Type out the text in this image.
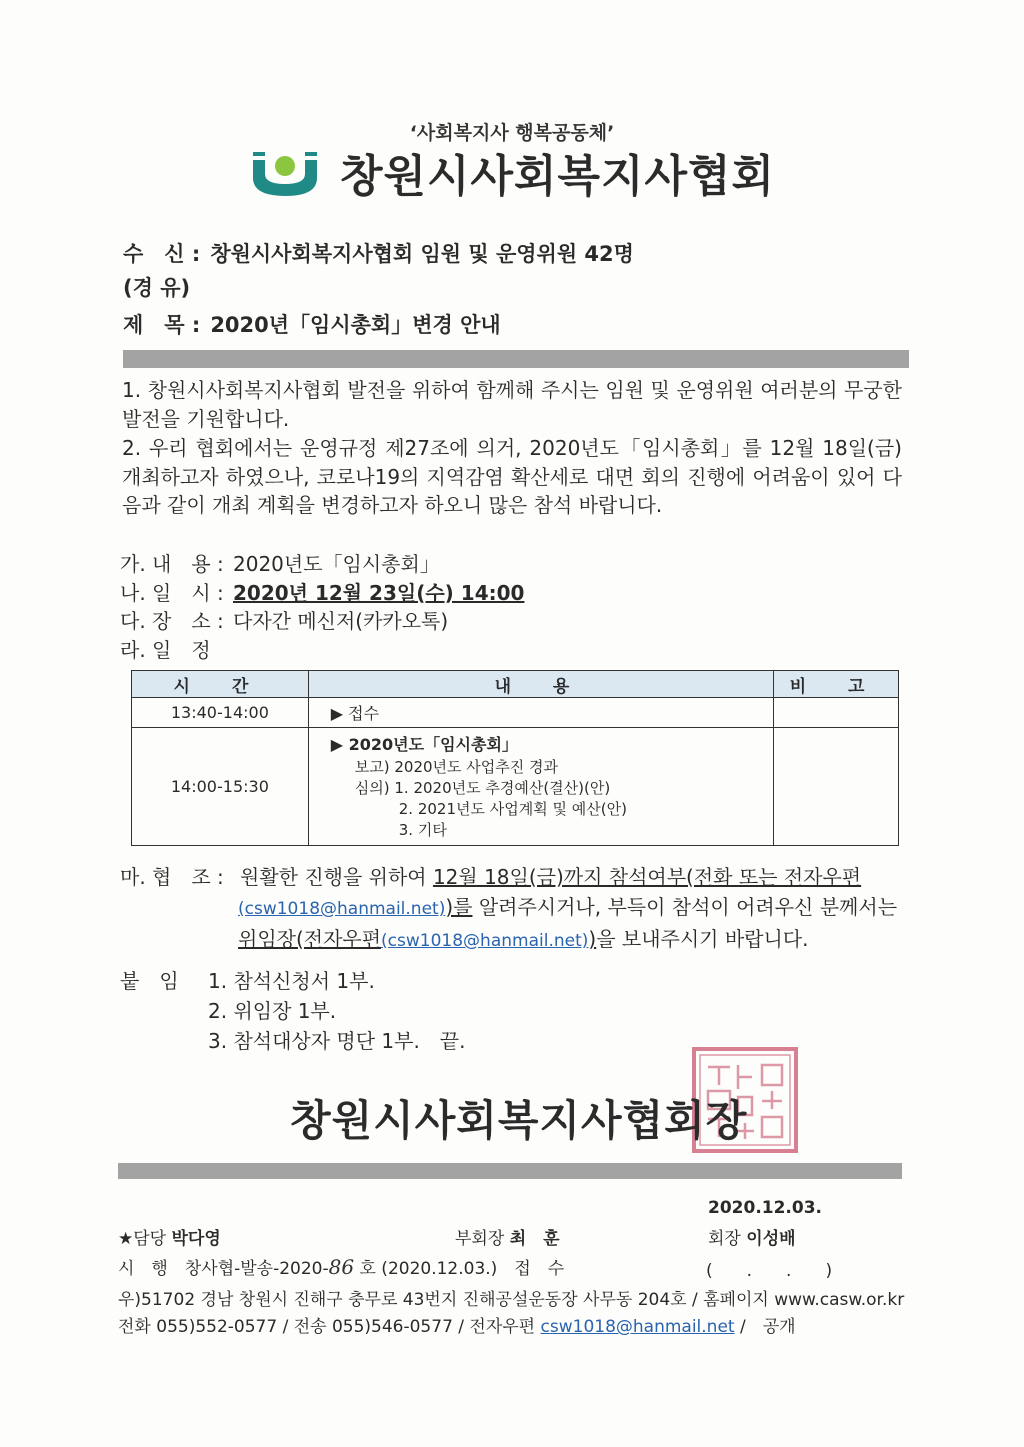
‘사회복지사 행복공동체’
창원시사회복지사협회
수　신 : 창원시사회복지사협회 임원 및 운영위원 42명
(경 유)
제　목 : 2020년「임시총회」변경 안내
1. 창원시사회복지사협회 발전을 위하여 함께해 주시는 임원 및 운영위원 여러분의 무궁한 발전을 기원합니다.
2. 우리 협회에서는 운영규정 제27조에 의거, 2020년도「임시총회」를 12월 18일(금) 개최하고자 하였으나, 코로나19의 지역감염 확산세로 대면 회의 진행에 어려움이 있어 다음과 같이 개최 계획을 변경하고자 하오니 많은 참석 바랍니다.
가. 내　용 : 2020년도「임시총회」
나. 일　시 : 2020년 12월 23일(수) 14:00
다. 장　소 : 다자간 메신저(카카오톡)
라. 일　정
시 간	내 용	비 고
13:40-14:00	▶ 접수	
14:00-15:30	▶ 2020년도「임시총회」
보고) 2020년도 사업추진 경과
심의) 1. 2020년도 추경예산(결산)(안)
2. 2021년도 사업계획 및 예산(안)
3. 기타	

마. 협　조 : 원활한 진행을 위하여 12월 18일(금)까지 참석여부(전화 또는 전자우편
(csw1018@hanmail.net))를 알려주시거나, 부득이 참석이 어려우신 분께서는
위임장(전자우편(csw1018@hanmail.net))을 보내주시기 바랍니다.
붙　임 1. 참석신청서 1부.
2. 위임장 1부.
3. 참석대상자 명단 1부.　끝.
창원시사회복지사협회장
2020.12.03.
★담당 박다영	부회장 최　훈	회장 이성배
시　행　창사협-발송-2020-86 호 (2020.12.03.)　접　수	(　　.　　.　　)
우)51702 경남 창원시 진해구 충무로 43번지 진해공설운동장 사무동 204호 / 홈페이지 www.casw.or.kr
전화 055)552-0577 / 전송 055)546-0577 / 전자우편 csw1018@hanmail.net /　공개
